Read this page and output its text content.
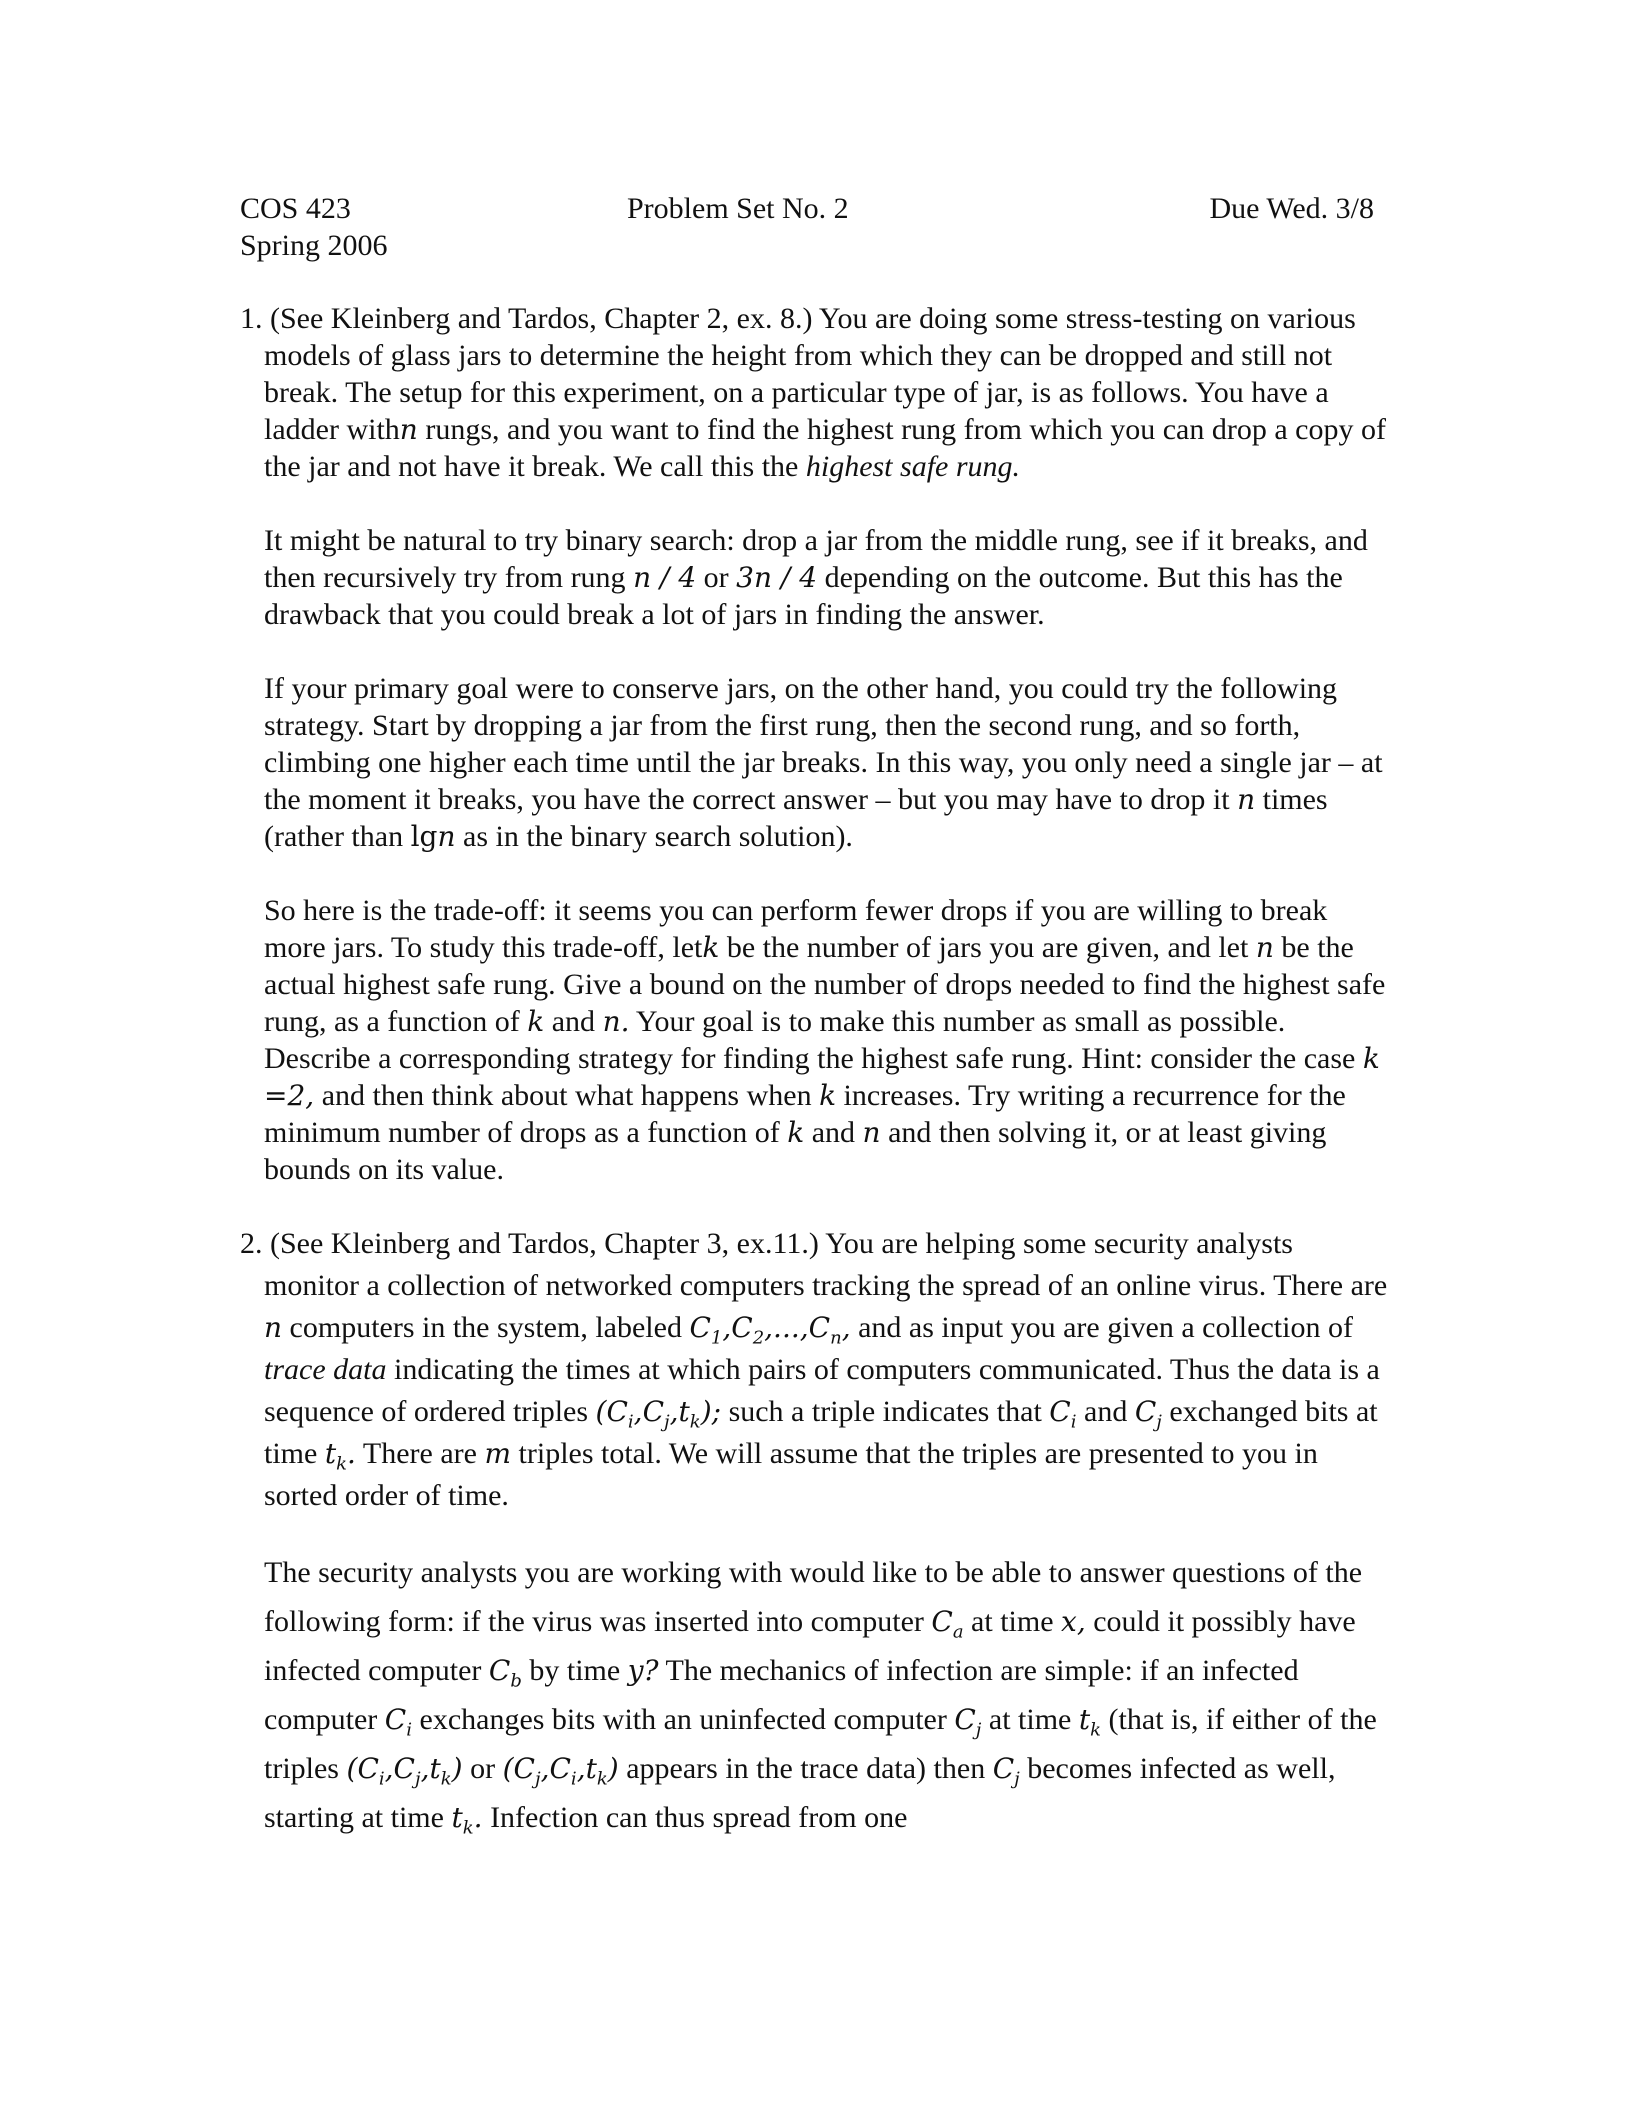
COS 423
Spring 2006
Problem Set No. 2	Due Wed. 3/8

1. (See Kleinberg and Tardos, Chapter 2, ex. 8.) You are doing some stress-testing on various models of glass jars to determine the height from which they can be dropped and still not break. The setup for this experiment, on a particular type of jar, is as follows. You have a ladder withn rungs, and you want to find the highest rung from which you can drop a copy of the jar and not have it break. We call this the highest safe rung.

It might be natural to try binary search: drop a jar from the middle rung, see if it breaks, and then recursively try from rung n / 4 or 3n / 4 depending on the outcome. But this has the drawback that you could break a lot of jars in finding the answer.

If your primary goal were to conserve jars, on the other hand, you could try the following strategy. Start by dropping a jar from the first rung, then the second rung, and so forth, climbing one higher each time until the jar breaks. In this way, you only need a single jar – at the moment it breaks, you have the correct answer – but you may have to drop it n times (rather than lgn as in the binary search solution).

So here is the trade-off: it seems you can perform fewer drops if you are willing to break more jars. To study this trade-off, letk be the number of jars you are given, and let n be the actual highest safe rung. Give a bound on the number of drops needed to find the highest safe rung, as a function of k and n. Your goal is to make this number as small as possible. Describe a corresponding strategy for finding the highest safe rung. Hint: consider the case k =2, and then think about what happens when k increases. Try writing a recurrence for the minimum number of drops as a function of k and n and then solving it, or at least giving bounds on its value.

2. (See Kleinberg and Tardos, Chapter 3, ex.11.) You are helping some security analysts monitor a collection of networked computers tracking the spread of an online virus. There are n computers in the system, labeled $C_1,C_2,...,C_n$, and as input you are given a collection of trace data indicating the times at which pairs of computers communicated. Thus the data is a sequence of ordered triples $(C_i,C_j,t_k)$; such a triple indicates that $C_i$ and $C_j$ exchanged bits at time $t_k$. There are m triples total. We will assume that the triples are presented to you in sorted order of time.

The security analysts you are working with would like to be able to answer questions of the following form: if the virus was inserted into computer $C_a$ at time x, could it possibly have infected computer $C_b$ by time y? The mechanics of infection are simple: if an infected computer $C_i$ exchanges bits with an uninfected computer $C_j$ at time $t_k$ (that is, if either of the triples $(C_i,C_j,t_k)$ or $(C_j,C_i,t_k)$ appears in the trace data) then $C_j$ becomes infected as well, starting at time $t_k$. Infection can thus spread from one
